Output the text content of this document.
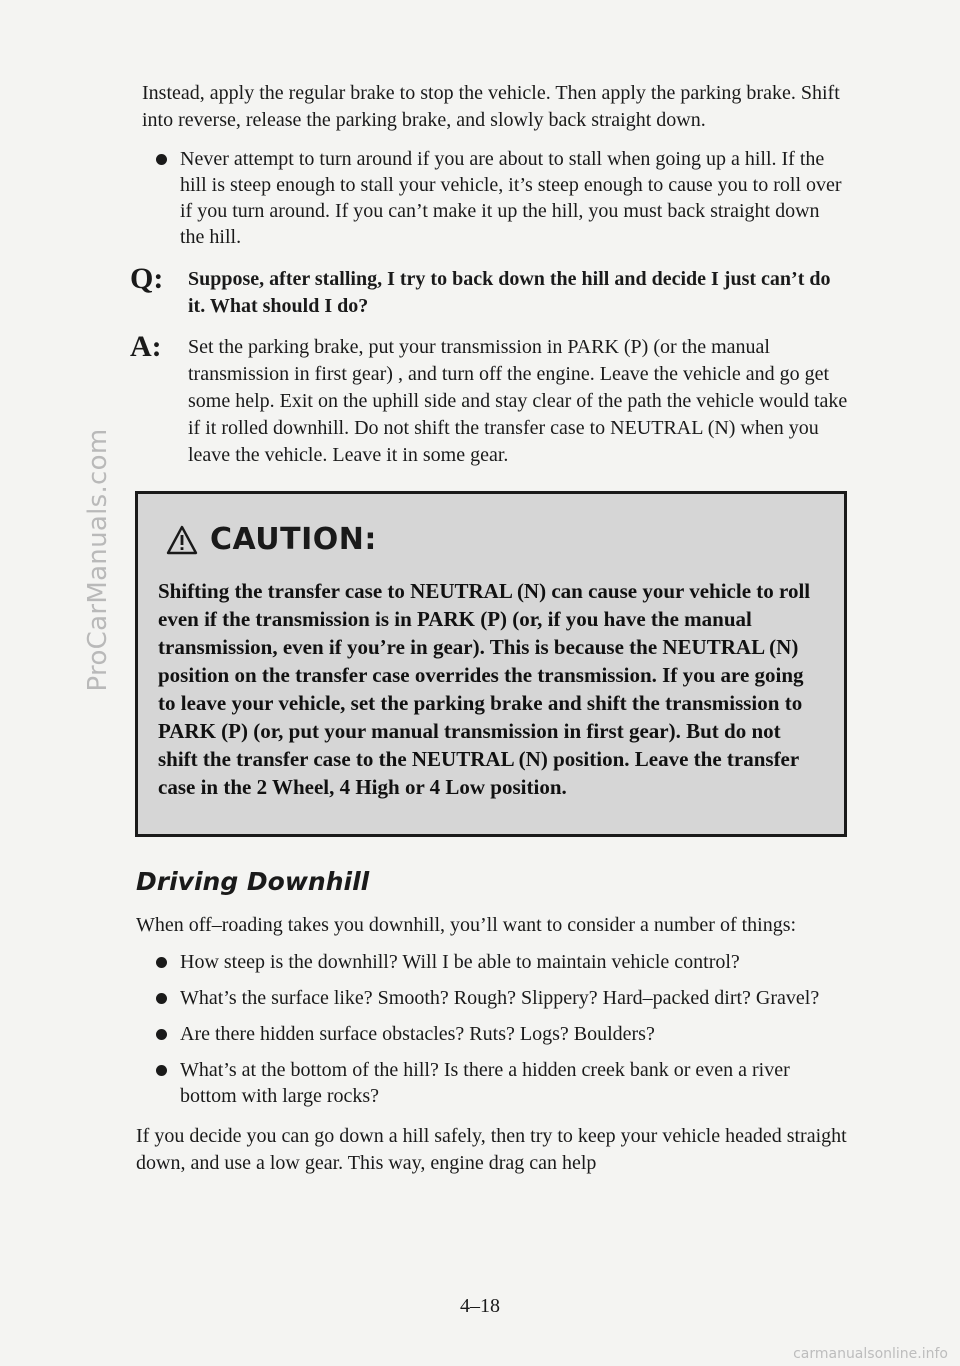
ProCarManuals.com

Instead, apply the regular brake to stop the vehicle. Then apply the parking brake. Shift into reverse, release the parking brake, and slowly back straight down.

Never attempt to turn around if you are about to stall when going up a hill. If the hill is steep enough to stall your vehicle, it’s steep enough to cause you to roll over if you turn around. If you can’t make it up the hill, you must back straight down the hill.
Q: Suppose, after stalling, I try to back down the hill and decide I just can’t do it. What should I do?
A: Set the parking brake, put your transmission in PARK (P) (or the manual transmission in first gear) , and turn off the engine. Leave the vehicle and go get some help. Exit on the uphill side and stay clear of the path the vehicle would take if it rolled downhill. Do not shift the transfer case to NEUTRAL (N) when you leave the vehicle. Leave it in some gear.
CAUTION:
Shifting the transfer case to NEUTRAL (N) can cause your vehicle to roll even if the transmission is in PARK (P) (or, if you have the manual transmission, even if you’re in gear). This is because the NEUTRAL (N) position on the transfer case overrides the transmission. If you are going to leave your vehicle, set the parking brake and shift the transmission to PARK (P) (or, put your manual transmission in first gear). But do not shift the transfer case to the NEUTRAL (N) position. Leave the transfer case in the 2 Wheel, 4 High or 4 Low position.
Driving Downhill

When off–roading takes you downhill, you’ll want to consider a number of things:

How steep is the downhill? Will I be able to maintain vehicle control?
What’s the surface like? Smooth? Rough? Slippery? Hard–packed dirt? Gravel?
Are there hidden surface obstacles? Ruts? Logs? Boulders?
What’s at the bottom of the hill? Is there a hidden creek bank or even a river bottom with large rocks?

If you decide you can go down a hill safely, then try to keep your vehicle headed straight down, and use a low gear. This way, engine drag can help

4–18
carmanualsonline.info
